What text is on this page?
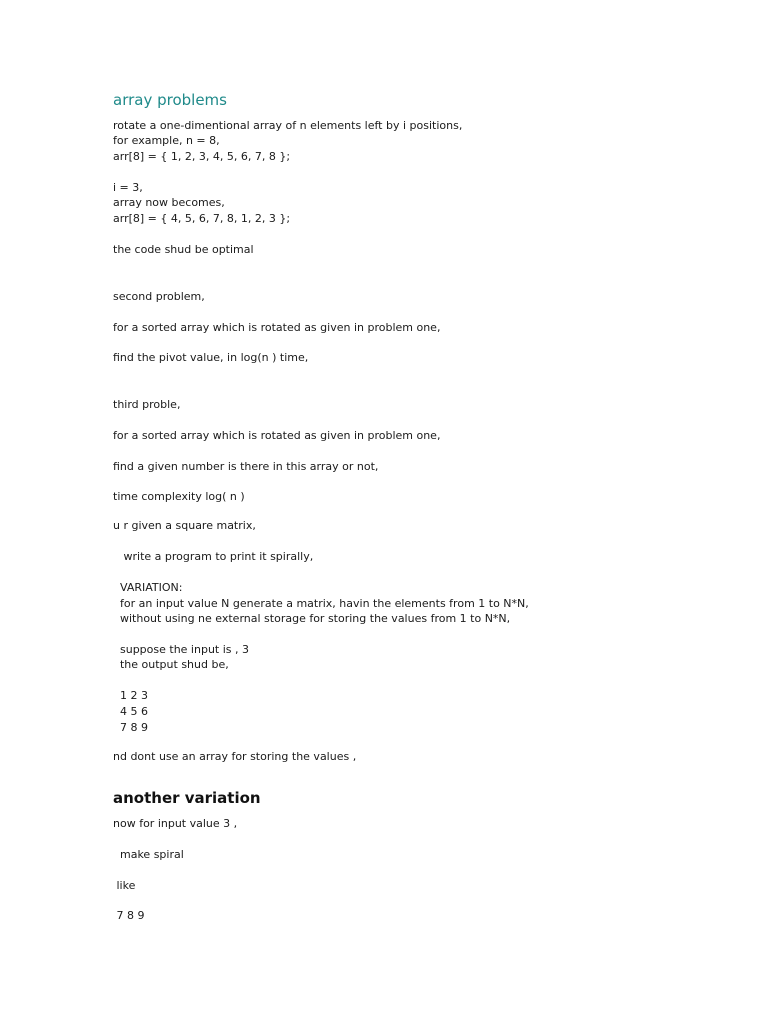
array problems
rotate a one-dimentional array of n elements left by i positions,
for example, n = 8,
arr[8] = { 1, 2, 3, 4, 5, 6, 7, 8 };
i = 3,
array now becomes,
arr[8] = { 4, 5, 6, 7, 8, 1, 2, 3 };
the code shud be optimal
second problem,
for a sorted array which is rotated as given in problem one,
find the pivot value, in log(n ) time,
third proble,
for a sorted array which is rotated as given in problem one,
find a given number is there in this array or not,
time complexity log( n )
u r given a square matrix,
write a program to print it spirally,
VARIATION:
for an input value N generate a matrix, havin the elements from 1 to N*N,
without using ne external storage for storing the values from 1 to N*N,
suppose the input is , 3
the output shud be,
1 2 3
4 5 6
7 8 9
nd dont use an array for storing the values ,
another variation
now for input value 3 ,
make spiral
like
7 8 9
